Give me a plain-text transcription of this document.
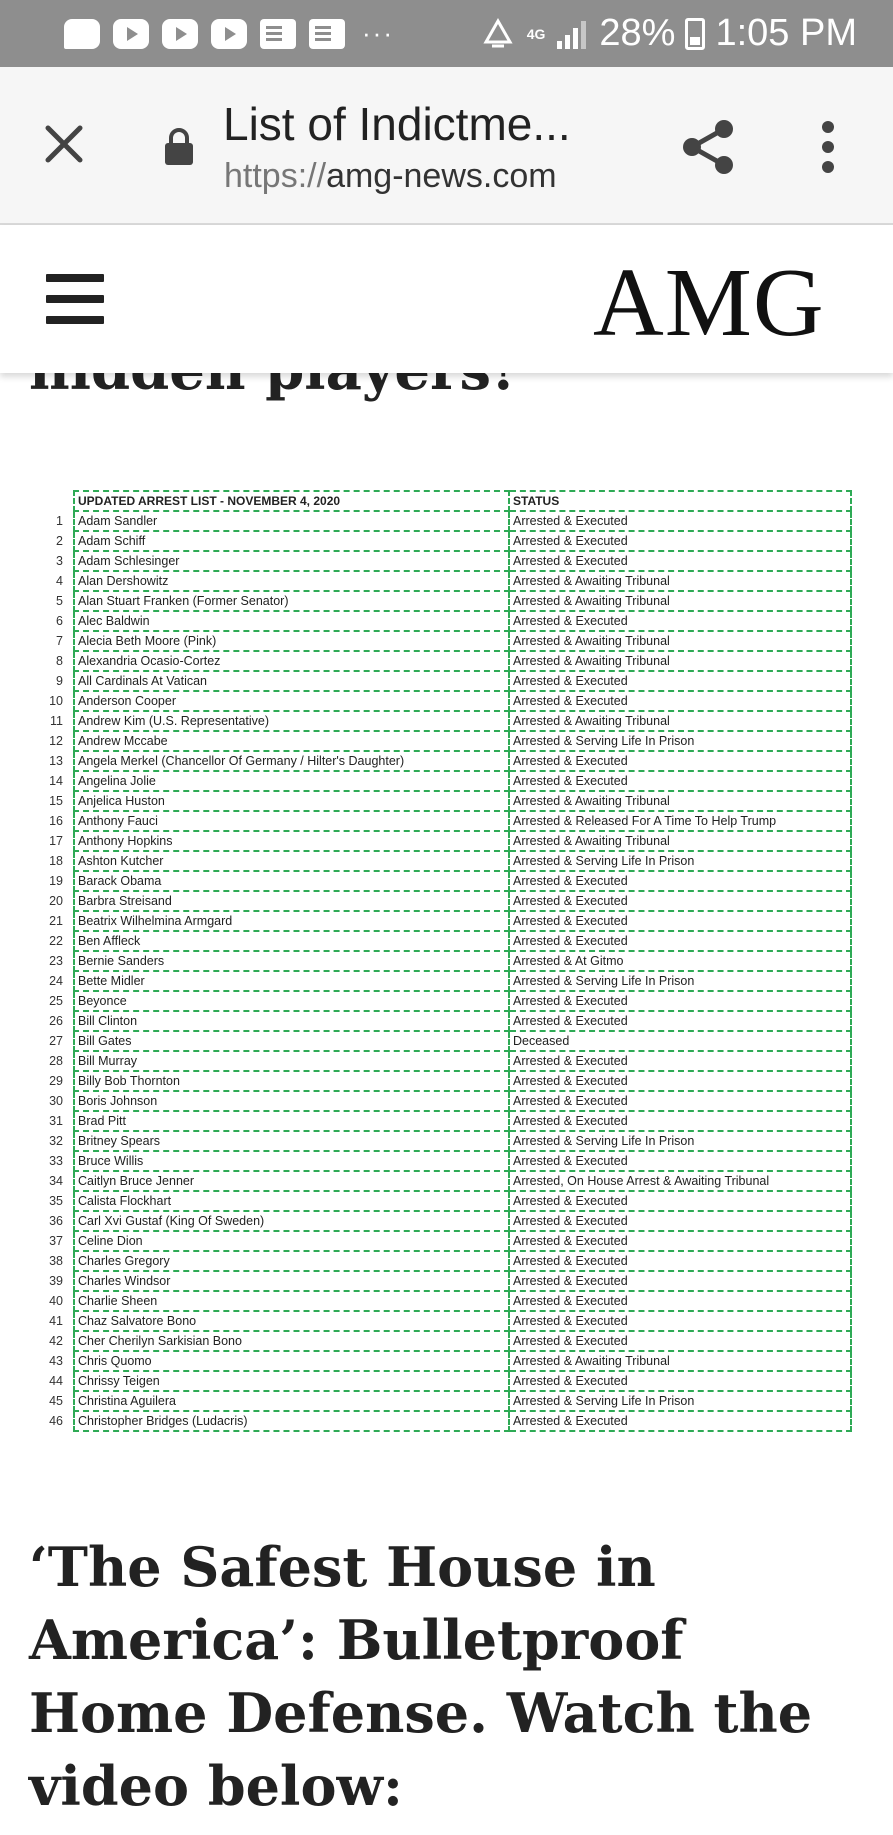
···	4G 28% 1:05 PM
List of Indictme...
https://amg-news.com
AMG
	UPDATED ARREST LIST - NOVEMBER 4, 2020	STATUS
1	Adam Sandler	Arrested & Executed
2	Adam Schiff	Arrested & Executed
3	Adam Schlesinger	Arrested & Executed
4	Alan Dershowitz	Arrested & Awaiting Tribunal
5	Alan Stuart Franken (Former Senator)	Arrested & Awaiting Tribunal
6	Alec Baldwin	Arrested & Executed
7	Alecia Beth Moore (Pink)	Arrested & Awaiting Tribunal
8	Alexandria Ocasio-Cortez	Arrested & Awaiting Tribunal
9	All Cardinals At Vatican	Arrested & Executed
10	Anderson Cooper	Arrested & Executed
11	Andrew Kim (U.S. Representative)	Arrested & Awaiting Tribunal
12	Andrew Mccabe	Arrested & Serving Life In Prison
13	Angela Merkel (Chancellor Of Germany / Hilter's Daughter)	Arrested & Executed
14	Angelina Jolie	Arrested & Executed
15	Anjelica Huston	Arrested & Awaiting Tribunal
16	Anthony Fauci	Arrested & Released For A Time To Help Trump
17	Anthony Hopkins	Arrested & Awaiting Tribunal
18	Ashton Kutcher	Arrested & Serving Life In Prison
19	Barack Obama	Arrested & Executed
20	Barbra Streisand	Arrested & Executed
21	Beatrix Wilhelmina Armgard	Arrested & Executed
22	Ben Affleck	Arrested & Executed
23	Bernie Sanders	Arrested & At Gitmo
24	Bette Midler	Arrested & Serving Life In Prison
25	Beyonce	Arrested & Executed
26	Bill Clinton	Arrested & Executed
27	Bill Gates	Deceased
28	Bill Murray	Arrested & Executed
29	Billy Bob Thornton	Arrested & Executed
30	Boris Johnson	Arrested & Executed
31	Brad Pitt	Arrested & Executed
32	Britney Spears	Arrested & Serving Life In Prison
33	Bruce Willis	Arrested & Executed
34	Caitlyn Bruce Jenner	Arrested, On House Arrest & Awaiting Tribunal
35	Calista Flockhart	Arrested & Executed
36	Carl Xvi Gustaf (King Of Sweden)	Arrested & Executed
37	Celine Dion	Arrested & Executed
38	Charles Gregory	Arrested & Executed
39	Charles Windsor	Arrested & Executed
40	Charlie Sheen	Arrested & Executed
41	Chaz Salvatore Bono	Arrested & Executed
42	Cher Cherilyn Sarkisian Bono	Arrested & Executed
43	Chris Quomo	Arrested & Awaiting Tribunal
44	Chrissy Teigen	Arrested & Executed
45	Christina Aguilera	Arrested & Serving Life In Prison
46	Christopher Bridges (Ludacris)	Arrested & Executed
‘The Safest House in America’: Bulletproof Home Defense. Watch the video below:
